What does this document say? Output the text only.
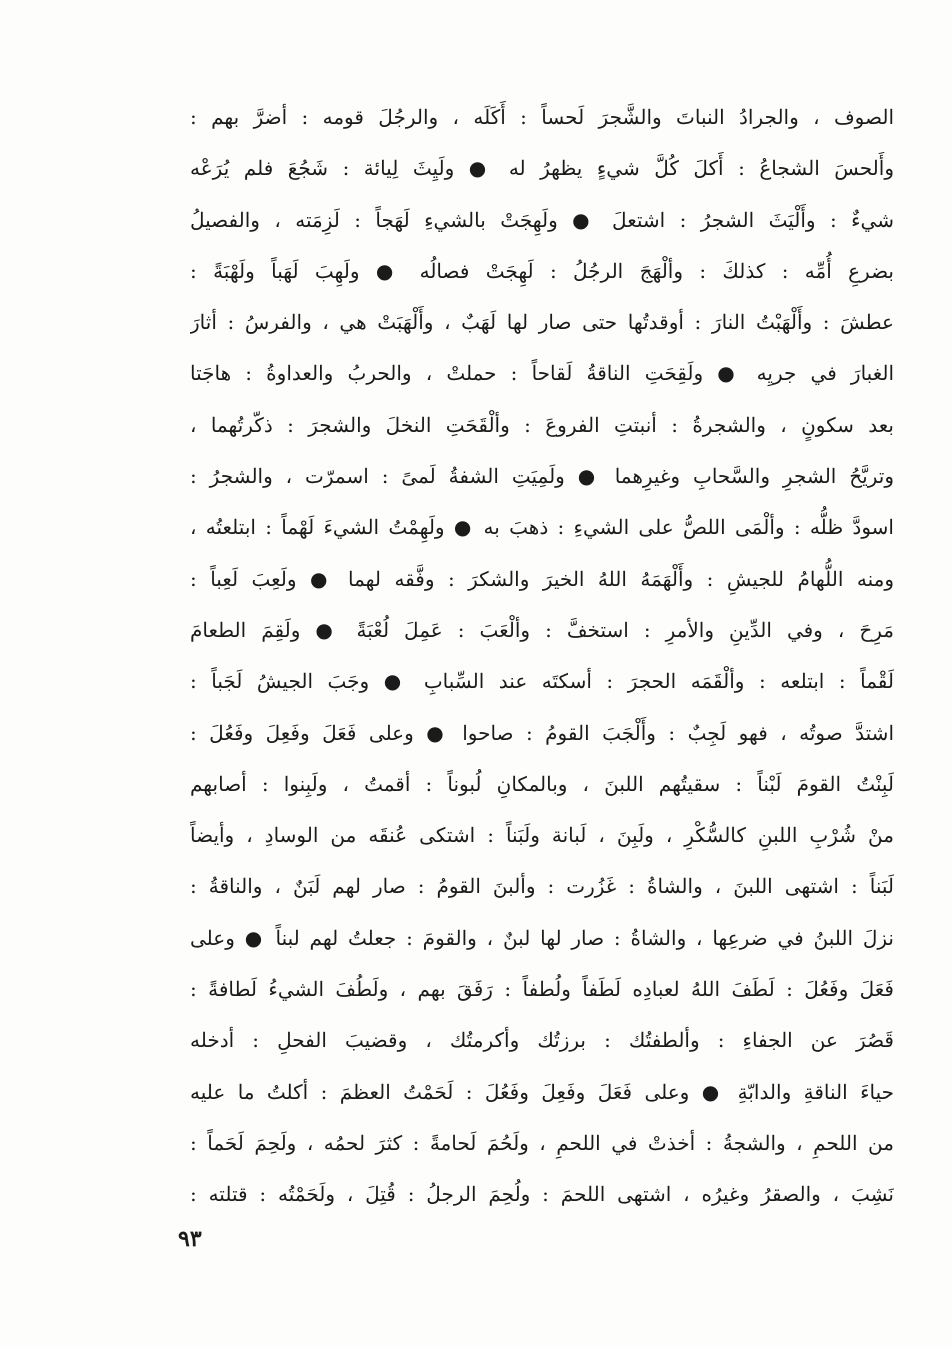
الصوف ، والجرادُ النباتَ والشَّجرَ لَحساً : أَكَلَه ، والرجُلَ قومه : أضرَّ بهم :
وأَلحسَ الشجاعُ : أَكلَ كُلَّ شيءٍ يظهرُ له ● ولَيِثَ لِيائة : شَجُعَ فلم يُرَعْه
شيءٌ : وأَلْيَثَ الشجرُ : اشتعلَ ● ولَهِجَتْ بالشيءِ لَهَجاً : لَزِمَته ، والفصيلُ
بضرعِ أُمِّه : كذلكَ : وألْهَجَ الرجُلُ : لَهِجَتْ فصالُه ● ولَهِبَ لَهَباً ولَهْبَةً :
عطشَ : وأَلْهَبْتُ النارَ : أوقدتُها حتى صار لها لَهَبٌ ، وأَلْهَبَتْ هي ، والفرسُ : أثارَ
الغبارَ في جريِه ● ولَقِحَتِ الناقةُ لَقاحاً : حملتْ ، والحربُ والعداوةُ : هاجَتا
بعد سكونٍ ، والشجرةُ : أنبتتِ الفروعَ : وألْقَحَتِ النخلَ والشجرَ : ذكّرتُهما ،
وتريَّحُ الشجرِ والسَّحابِ وغيرِهما ● ولَمِيَتِ الشفةُ لَمىً : اسمرّت ، والشجرُ :
اسودَّ ظلُّه : وألْمَى اللصُّ على الشيءِ : ذهبَ به ● ولَهِمْتُ الشيءَ لَهْماً : ابتلعتُه ،
ومنه اللُّهامُ للجيشِ : وأَلْهَمَهُ اللهُ الخيرَ والشكرَ : وفَّقه لهما ● ولَعِبَ لَعِباً :
مَرِحَ ، وفي الدِّينِ والأمرِ : استخفَّ : وألْعَبَ : عَمِلَ لُعْبَةً ● ولَقِمَ الطعامَ
لَقْماً : ابتلعه : وألْقَمَه الحجرَ : أسكتَه عند السِّبابِ ● وجَبَ الجيشُ لَجَباً :
اشتدَّ صوتُه ، فهو لَجِبٌ : وأَلْجَبَ القومُ : صاحوا ● وعلى فَعَلَ وفَعِلَ وفَعُلَ :
لَبِنْتُ القومَ لَبْناً : سقيتُهم اللبنَ ، وبالمكانِ لُبوناً : أقمتُ ، ولَبِنوا : أصابهم
منْ شُرْبِ اللبنِ كالسُّكْرِ ، ولَبِنَ ، لَبانة ولَبَناً : اشتكى عُنقَه من الوسادِ ، وأيضاً
لَبَناً : اشتهى اللبنَ ، والشاةُ : غَزُرت : وألبنَ القومُ : صار لهم لَبَنٌ ، والناقةُ :
نزلَ اللبنُ في ضرعِها ، والشاةُ : صار لها لبنٌ ، والقومَ : جعلتُ لهم لبناً ● وعلى
فَعَلَ وفَعُلَ : لَطَفَ اللهُ لعبادِه لَطَفاً ولُطفاً : رَفَقَ بهم ، ولَطُفَ الشيءُ لَطافةً :
قَصُرَ عن الجفاءِ : وألطفتُك : برزتُك وأكرمتُك ، وقضيبَ الفحلِ : أدخله
حياءَ الناقةِ والدابّةِ ● وعلى فَعَلَ وفَعِلَ وفَعُلَ : لَحَمْتُ العظمَ : أكلتُ ما عليه
من اللحمِ ، والشجةُ : أخذتْ في اللحمِ ، ولَحُمَ لَحامةً : كثرَ لحمُه ، ولَحِمَ لَحَماً :
نَشِبَ ، والصقرُ وغيرُه ، اشتهى اللحمَ : ولُحِمَ الرجلُ : قُتِلَ ، ولَحَمْتُه : قتلته :
٩٣
